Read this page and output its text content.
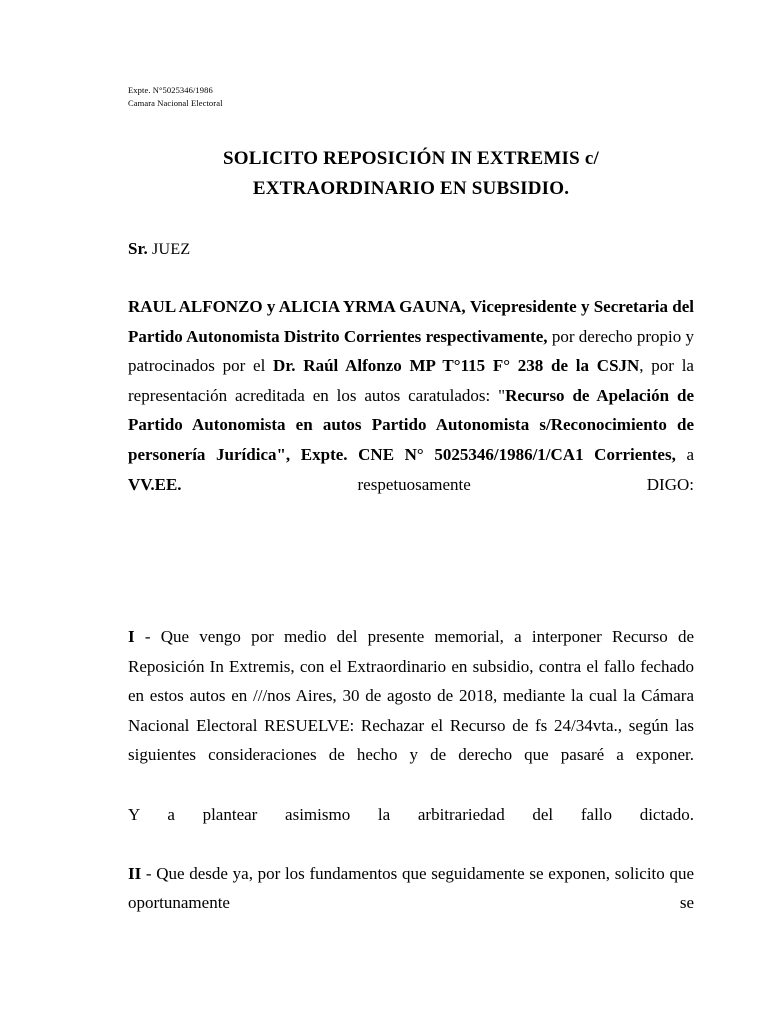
Expte. N°5025346/1986
Camara Nacional Electoral
SOLICITO REPOSICIÓN IN EXTREMIS c/
EXTRAORDINARIO EN SUBSIDIO.
Sr. JUEZ

RAUL ALFONZO y ALICIA YRMA GAUNA, Vicepresidente y Secretaria del Partido Autonomista Distrito Corrientes respectivamente, por derecho propio y patrocinados por el Dr. Raúl Alfonzo MP T°115 F° 238 de la CSJN, por la representación acreditada en los autos caratulados: "Recurso de Apelación de Partido Autonomista en autos Partido Autonomista s/Reconocimiento de personería Jurídica", Expte. CNE N° 5025346/1986/1/CA1 Corrientes, a VV.EE. respetuosamente DIGO:

I - Que vengo por medio del presente memorial, a interponer Recurso de Reposición In Extremis, con el Extraordinario en subsidio, contra el fallo fechado en estos autos en ///nos Aires, 30 de agosto de 2018, mediante la cual la Cámara Nacional Electoral RESUELVE: Rechazar el Recurso de fs 24/34vta., según las siguientes consideraciones de hecho y de derecho que pasaré a exponer.

Y a plantear asimismo la arbitrariedad del fallo dictado.

II - Que desde ya, por los fundamentos que seguidamente se exponen, solicito que oportunamente se
